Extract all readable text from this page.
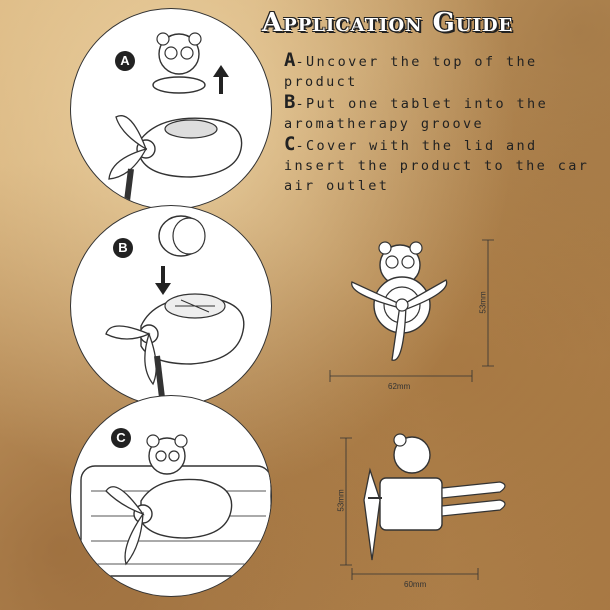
Application Guide
A-Uncover the top of the product
B-Put one tablet into the aromatherapy groove
C-Cover with the lid and insert the product to the car air outlet
A
B
C
53mm
62mm
53mm
60mm
